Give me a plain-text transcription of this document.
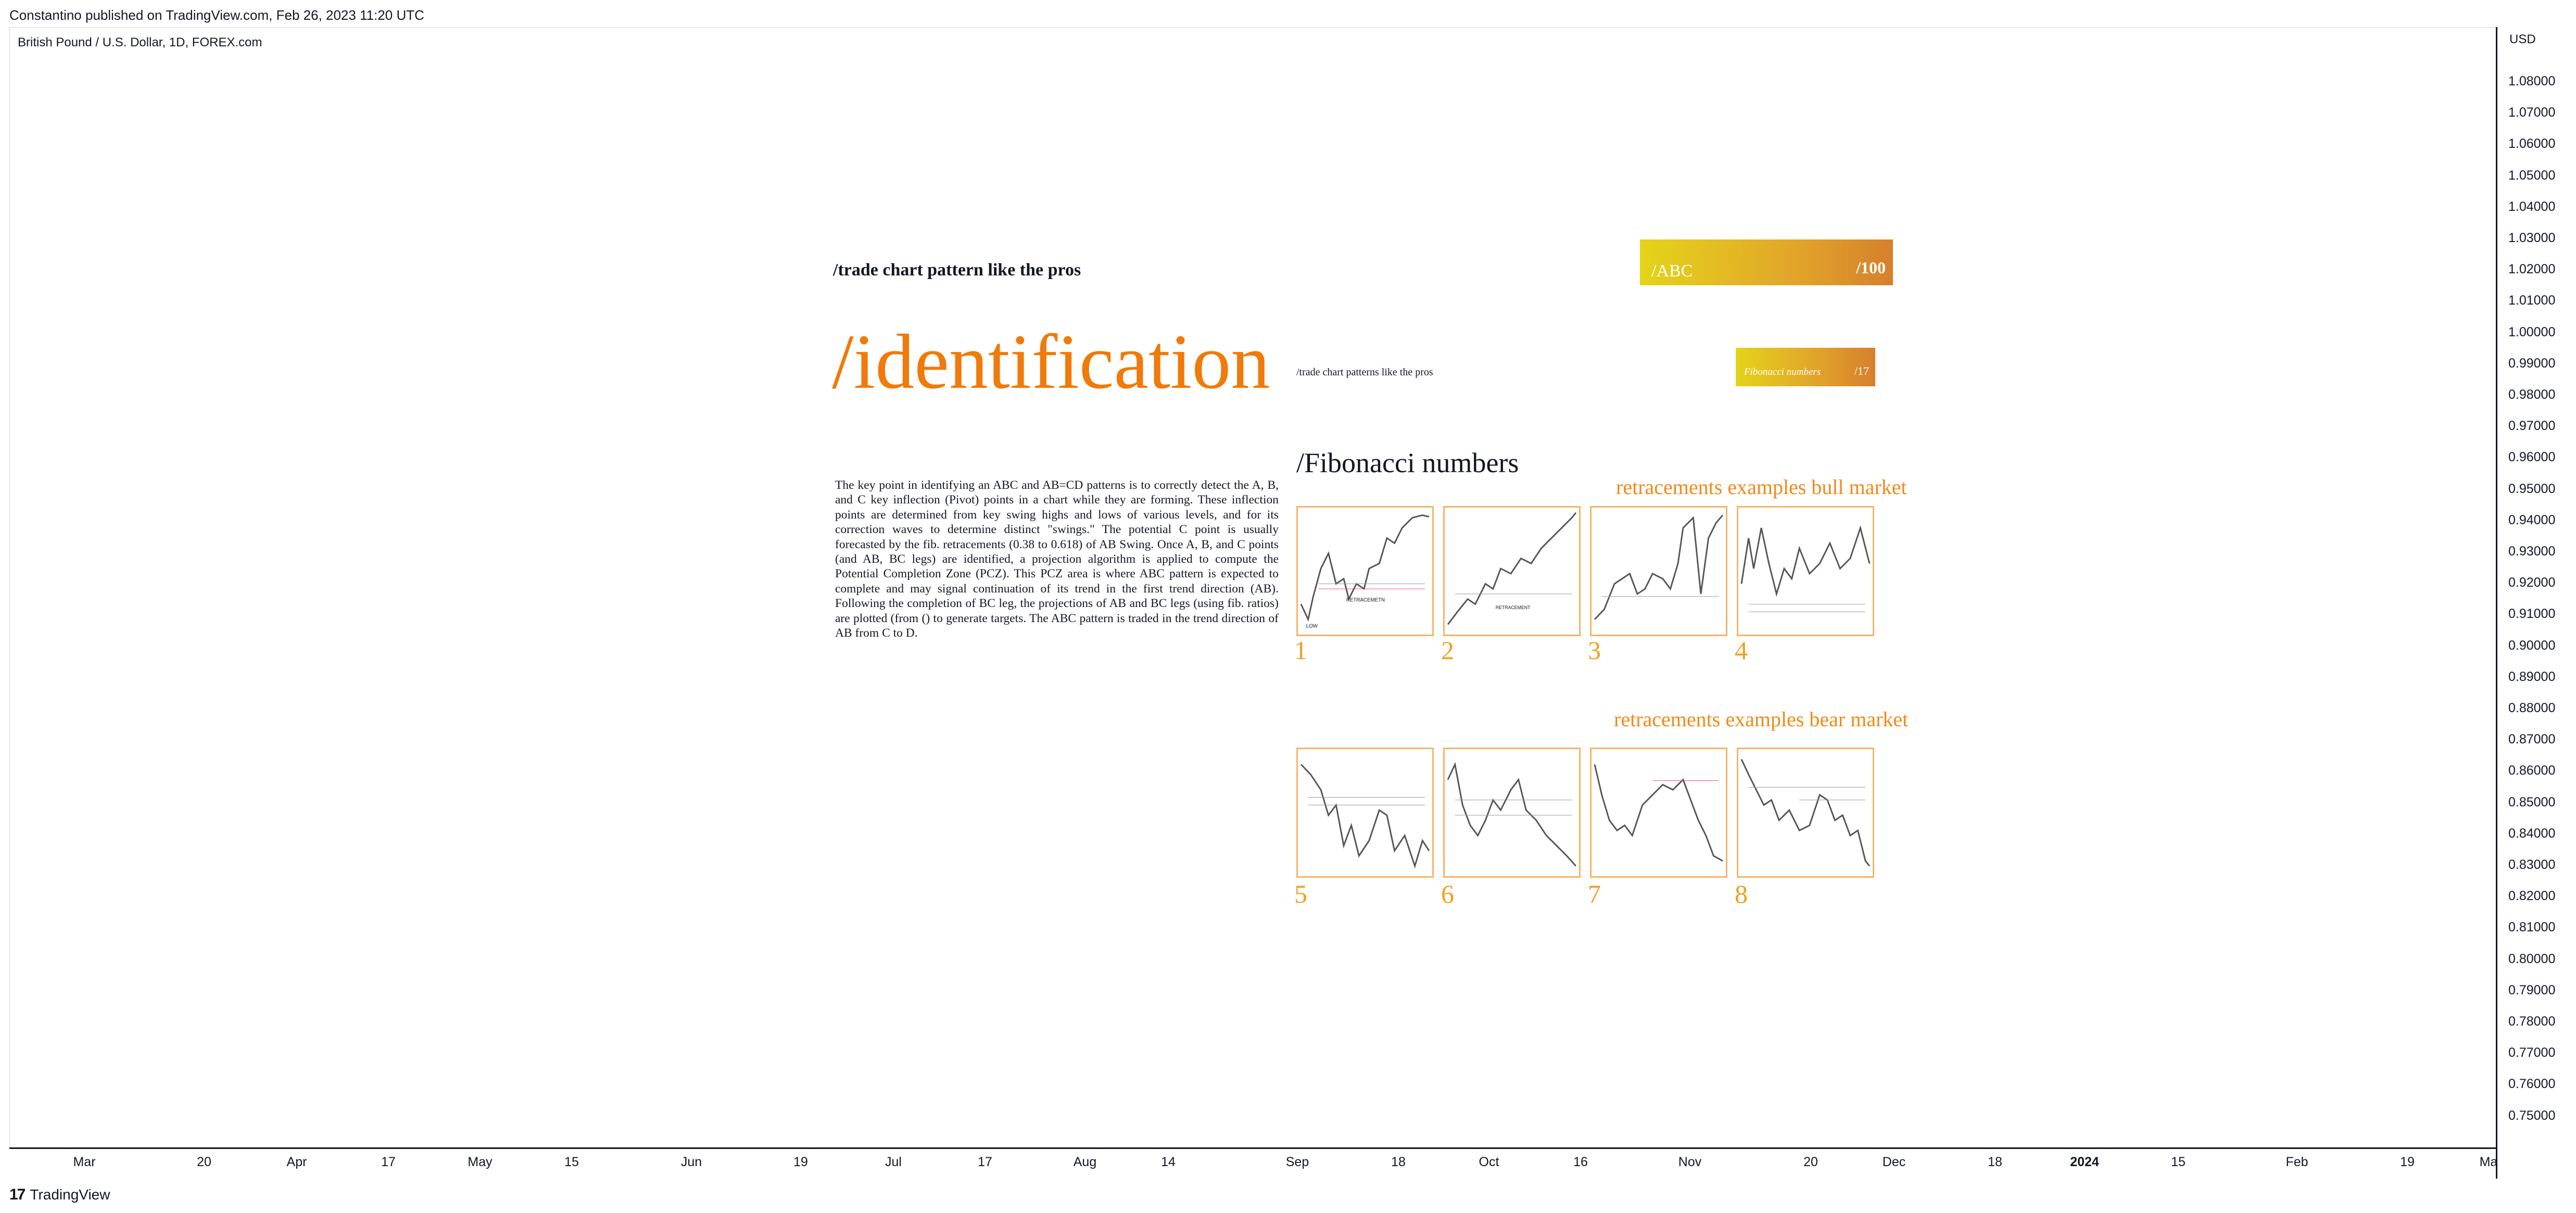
Constantino published on TradingView.com, Feb 26, 2023 11:20 UTC
British Pound / U.S. Dollar, 1D, FOREX.com	USD
1.08000
1.07000
1.06000
1.05000
1.04000
1.03000
1.02000
1.01000
1.00000
0.99000
0.98000
0.97000
0.96000
0.95000
0.94000
0.93000
0.92000
0.91000
0.90000
0.89000
0.88000
0.87000
0.86000
0.85000
0.84000
0.83000
0.82000
0.81000
0.80000
0.79000
0.78000
0.77000
0.76000
0.75000
Mar	20	Apr	17	May	15	Jun	19	Jul	17	Aug	14	Sep	18	Oct	16	Nov	20	Dec	18	2024	15	Feb	19	Ma
17 TradingView
/trade chart pattern like the pros	/ABC	/100
/identification	/trade chart patterns like the pros	Fibonacci numbers	/17
/Fibonacci numbers
The key point in identifying an ABC and AB=CD patterns is to correctly detect the A, B, and C key inflection (Pivot) points in a chart while they are forming. These inflection points are determined from key swing highs and lows of various levels, and for its correction waves to determine distinct "swings." The potential C point is usually forecasted by the fib. retracements (0.38 to 0.618) of AB Swing. Once A, B, and C points (and AB, BC legs) are identified, a projection algorithm is applied to compute the Potential Completion Zone (PCZ). This PCZ area is where ABC pattern is expected to complete and may signal continuation of its trend in the first trend direction (AB). Following the completion of BC leg, the projections of AB and BC legs (using fib. ratios) are plotted (from () to generate targets. The ABC pattern is traded in the trend direction of AB from C to D.
retracements examples bull market
retracements examples bear market
LOW
RETRACEMETN
RETRACEMENT
1	2	3	4
5	6	7	8
